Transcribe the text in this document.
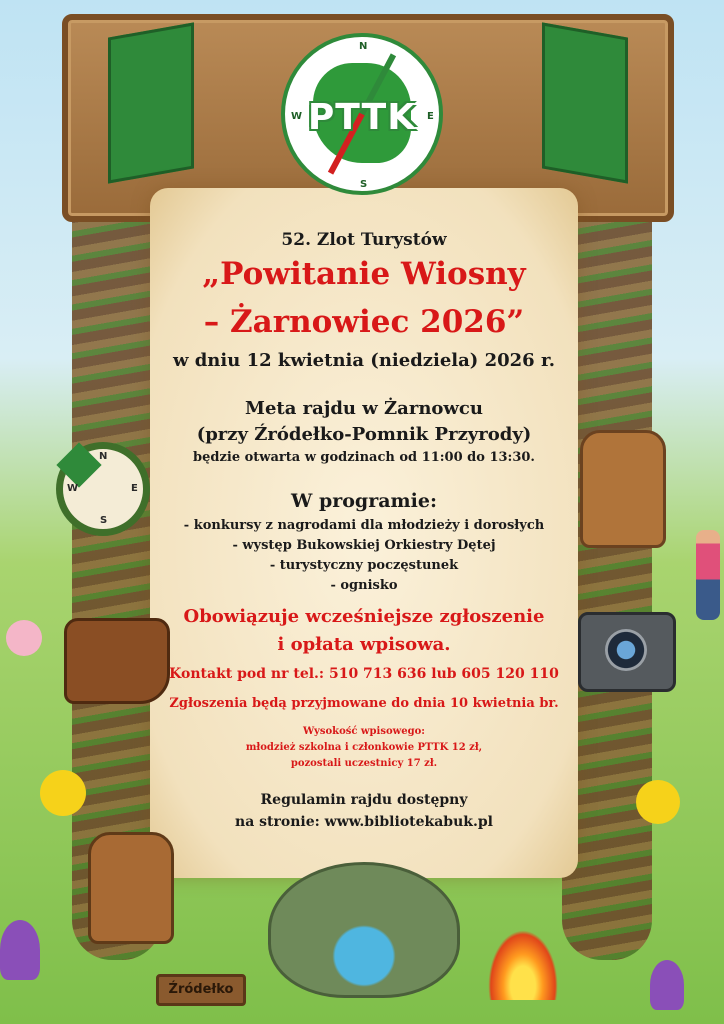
PTTK
N
E
S
W
N
E
S
W
Źródełko
52. Zlot Turystów
„Powitanie Wiosny
– Żarnowiec 2026”
w dniu 12 kwietnia (niedziela) 2026 r.
Meta rajdu w Żarnowcu
(przy Źródełko-Pomnik Przyrody)
będzie otwarta w godzinach od 11:00 do 13:30.
W programie:
- konkursy z nagrodami dla młodzieży i dorosłych
- występ Bukowskiej Orkiestry Dętej
- turystyczny poczęstunek
- ognisko
Obowiązuje wcześniejsze zgłoszenie
i opłata wpisowa.
Kontakt pod nr tel.: 510 713 636 lub 605 120 110
Zgłoszenia będą przyjmowane do dnia 10 kwietnia br.
Wysokość wpisowego:
młodzież szkolna i członkowie PTTK 12 zł,
pozostali uczestnicy 17 zł.
Regulamin rajdu dostępny
na stronie: www.bibliotekabuk.pl
